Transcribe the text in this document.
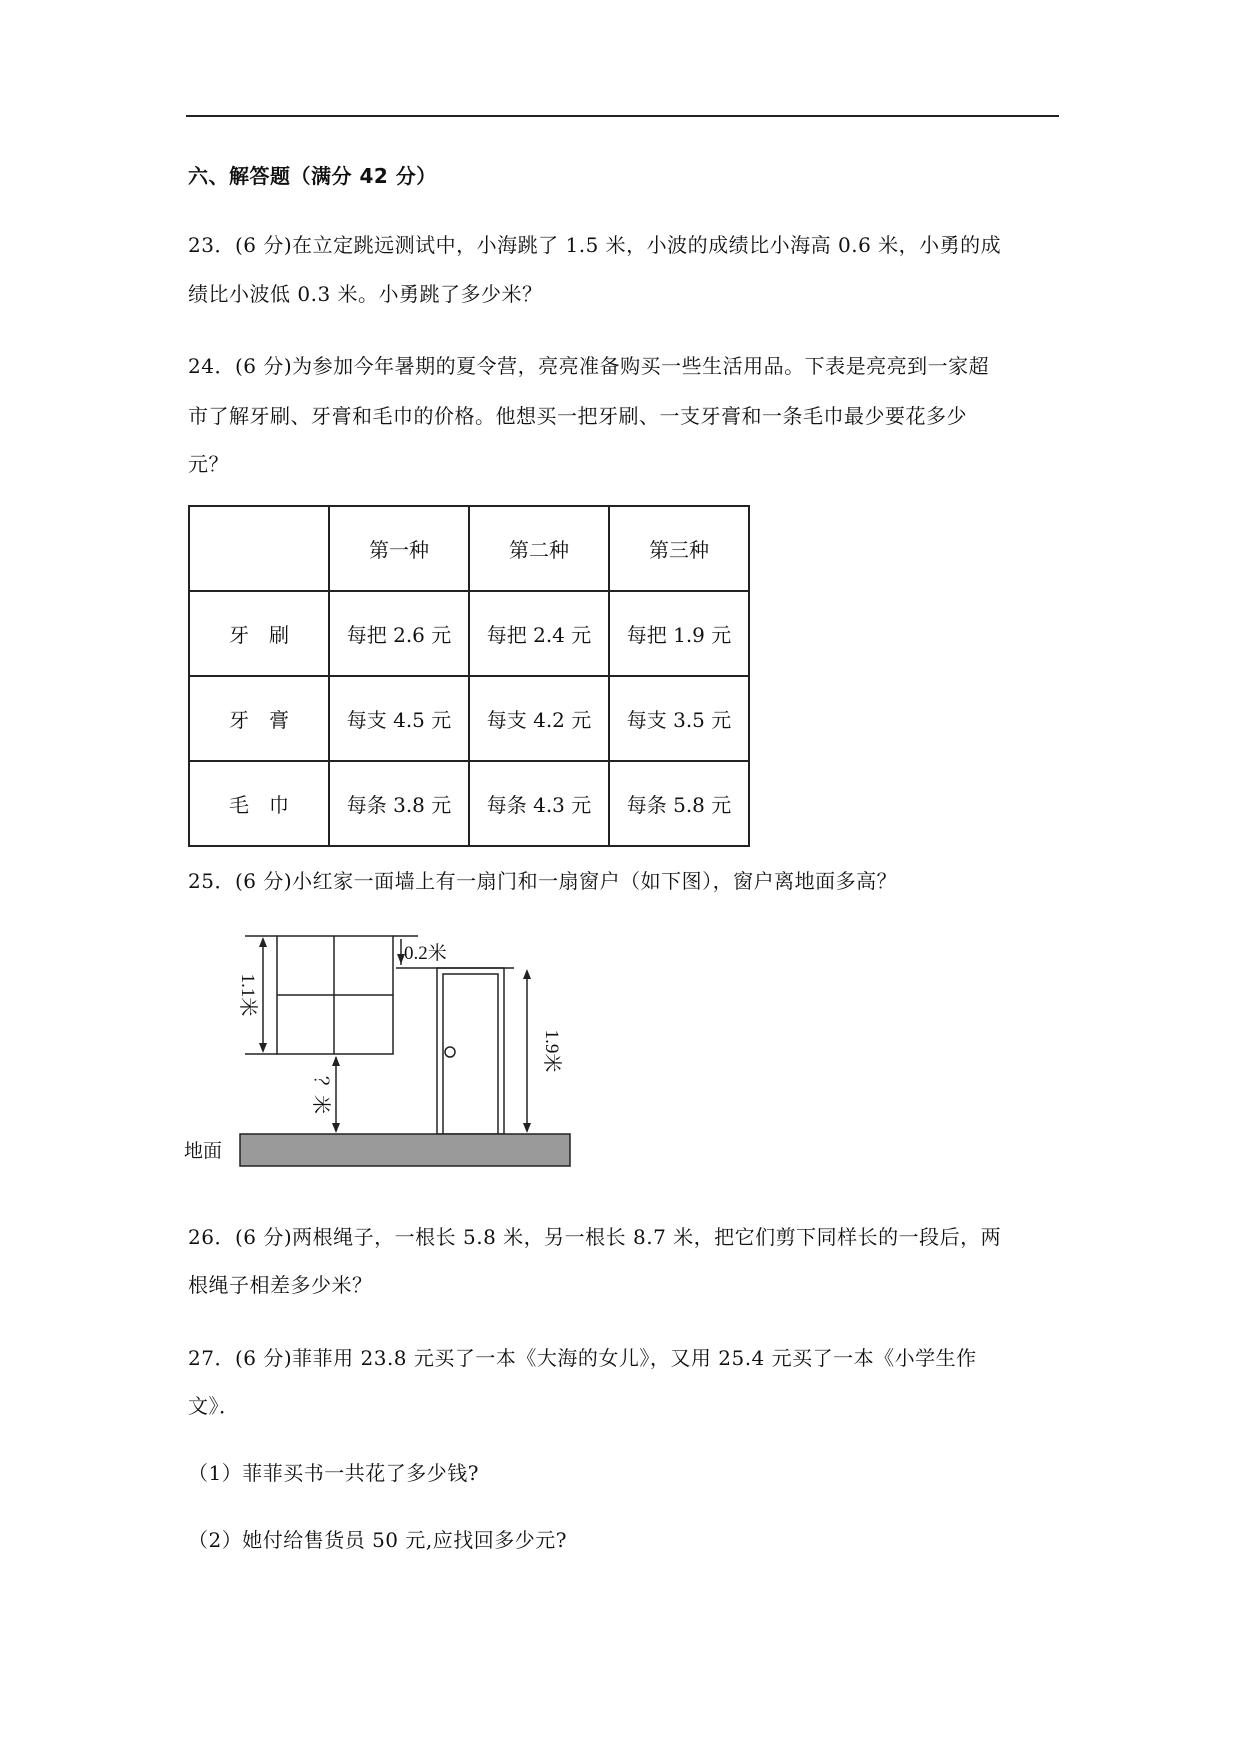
六、解答题（满分 42 分）
23．(6 分)在立定跳远测试中，小海跳了 1.5 米，小波的成绩比小海高 0.6 米，小勇的成
绩比小波低 0.3 米。小勇跳了多少米？
24．(6 分)为参加今年暑期的夏令营，亮亮准备购买一些生活用品。下表是亮亮到一家超
市了解牙刷、牙膏和毛巾的价格。他想买一把牙刷、一支牙膏和一条毛巾最少要花多少
元？
	第一种	第二种	第三种
牙　刷	每把 2.6 元	每把 2.4 元	每把 1.9 元
牙　膏	每支 4.5 元	每支 4.2 元	每支 3.5 元
毛　巾	每条 3.8 元	每条 4.3 元	每条 5.8 元
25．(6 分)小红家一面墙上有一扇门和一扇窗户（如下图），窗户离地面多高？
地面
0.2米
1.1米
1.9米
？米
26．(6 分)两根绳子，一根长 5.8 米，另一根长 8.7 米，把它们剪下同样长的一段后，两
根绳子相差多少米？
27．(6 分)菲菲用 23.8 元买了一本《大海的女儿》，又用 25.4 元买了一本《小学生作
文》．
（1）菲菲买书一共花了多少钱?
（2）她付给售货员 50 元,应找回多少元?
